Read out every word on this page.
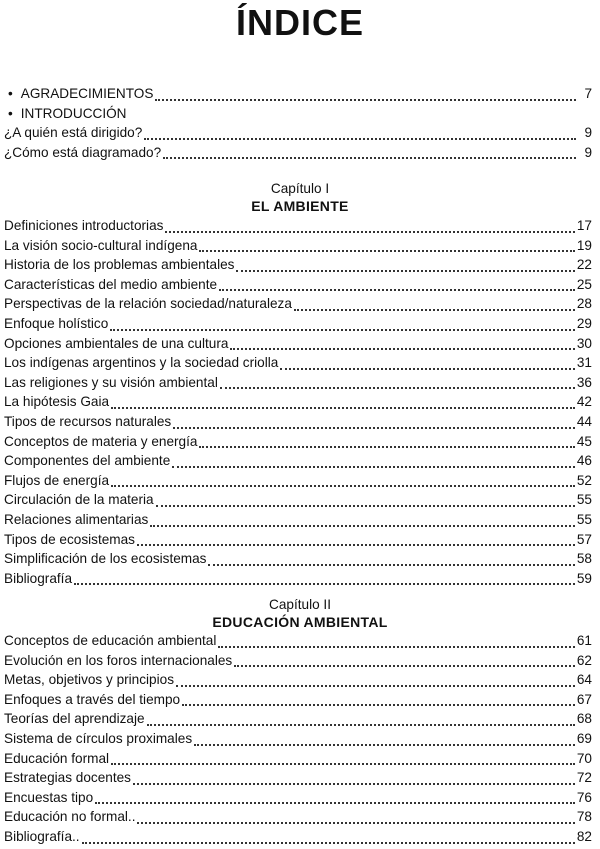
ÍNDICE
• AGRADECIMIENTOS	7
• INTRODUCCIÓN
¿A quién está dirigido?	9
¿Cómo está diagramado?	9
Capítulo I
EL AMBIENTE
Definiciones introductorias	17
La visión socio-cultural indígena	19
Historia de los problemas ambientales	22
Características del medio ambiente	25
Perspectivas de la relación sociedad/naturaleza	28
Enfoque holístico	29
Opciones ambientales de una cultura	30
Los indígenas argentinos y la sociedad criolla	31
Las religiones y su visión ambiental	36
La hipótesis Gaia	42
Tipos de recursos naturales	44
Conceptos de materia y energía	45
Componentes del ambiente	46
Flujos de energía	52
Circulación de la materia	55
Relaciones alimentarias	55
Tipos de ecosistemas	57
Simplificación de los ecosistemas	58
Bibliografía	59
Capítulo II
EDUCACIÓN AMBIENTAL
Conceptos de educación ambiental	61
Evolución en los foros internacionales	62
Metas, objetivos y principios	64
Enfoques a través del tiempo	67
Teorías del aprendizaje	68
Sistema de círculos proximales	69
Educación formal	70
Estrategias docentes	72
Encuestas tipo	76
Educación no formal..	78
Bibliografía..	82
